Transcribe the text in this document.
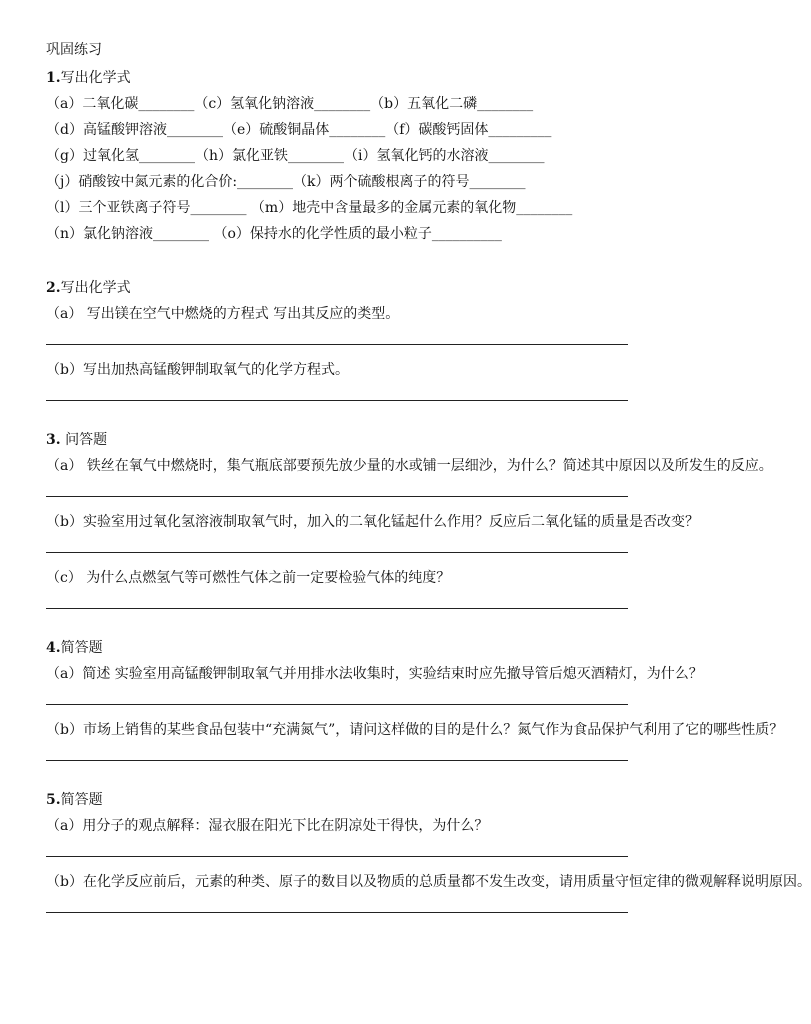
巩固练习
1.写出化学式
（a）二氧化碳________（c）氢氧化钠溶液________（b）五氧化二磷________
（d）高锰酸钾溶液________（e）硫酸铜晶体________（f）碳酸钙固体_________
（g）过氧化氢________（h）氯化亚铁________（i）氢氧化钙的水溶液________
（j）硝酸铵中氮元素的化合价:________（k）两个硫酸根离子的符号________
（l）三个亚铁离子符号________ （m）地壳中含量最多的金属元素的氧化物________
（n）氯化钠溶液________ （o）保持水的化学性质的最小粒子__________
2.写出化学式
（a） 写出镁在空气中燃烧的方程式 写出其反应的类型。
（b）写出加热高锰酸钾制取氧气的化学方程式。
3. 问答题
（a） 铁丝在氧气中燃烧时，集气瓶底部要预先放少量的水或铺一层细沙，为什么？简述其中原因以及所发生的反应。
（b）实验室用过氧化氢溶液制取氧气时，加入的二氧化锰起什么作用？反应后二氧化锰的质量是否改变？
（c） 为什么点燃氢气等可燃性气体之前一定要检验气体的纯度？
4.简答题
（a）简述 实验室用高锰酸钾制取氧气并用排水法收集时，实验结束时应先撤导管后熄灭酒精灯，为什么？
（b）市场上销售的某些食品包装中“充满氮气”，请问这样做的目的是什么？氮气作为食品保护气利用了它的哪些性质？
5.简答题
（a）用分子的观点解释：湿衣服在阳光下比在阴凉处干得快，为什么？
（b）在化学反应前后，元素的种类、原子的数目以及物质的总质量都不发生改变，请用质量守恒定律的微观解释说明原因。
